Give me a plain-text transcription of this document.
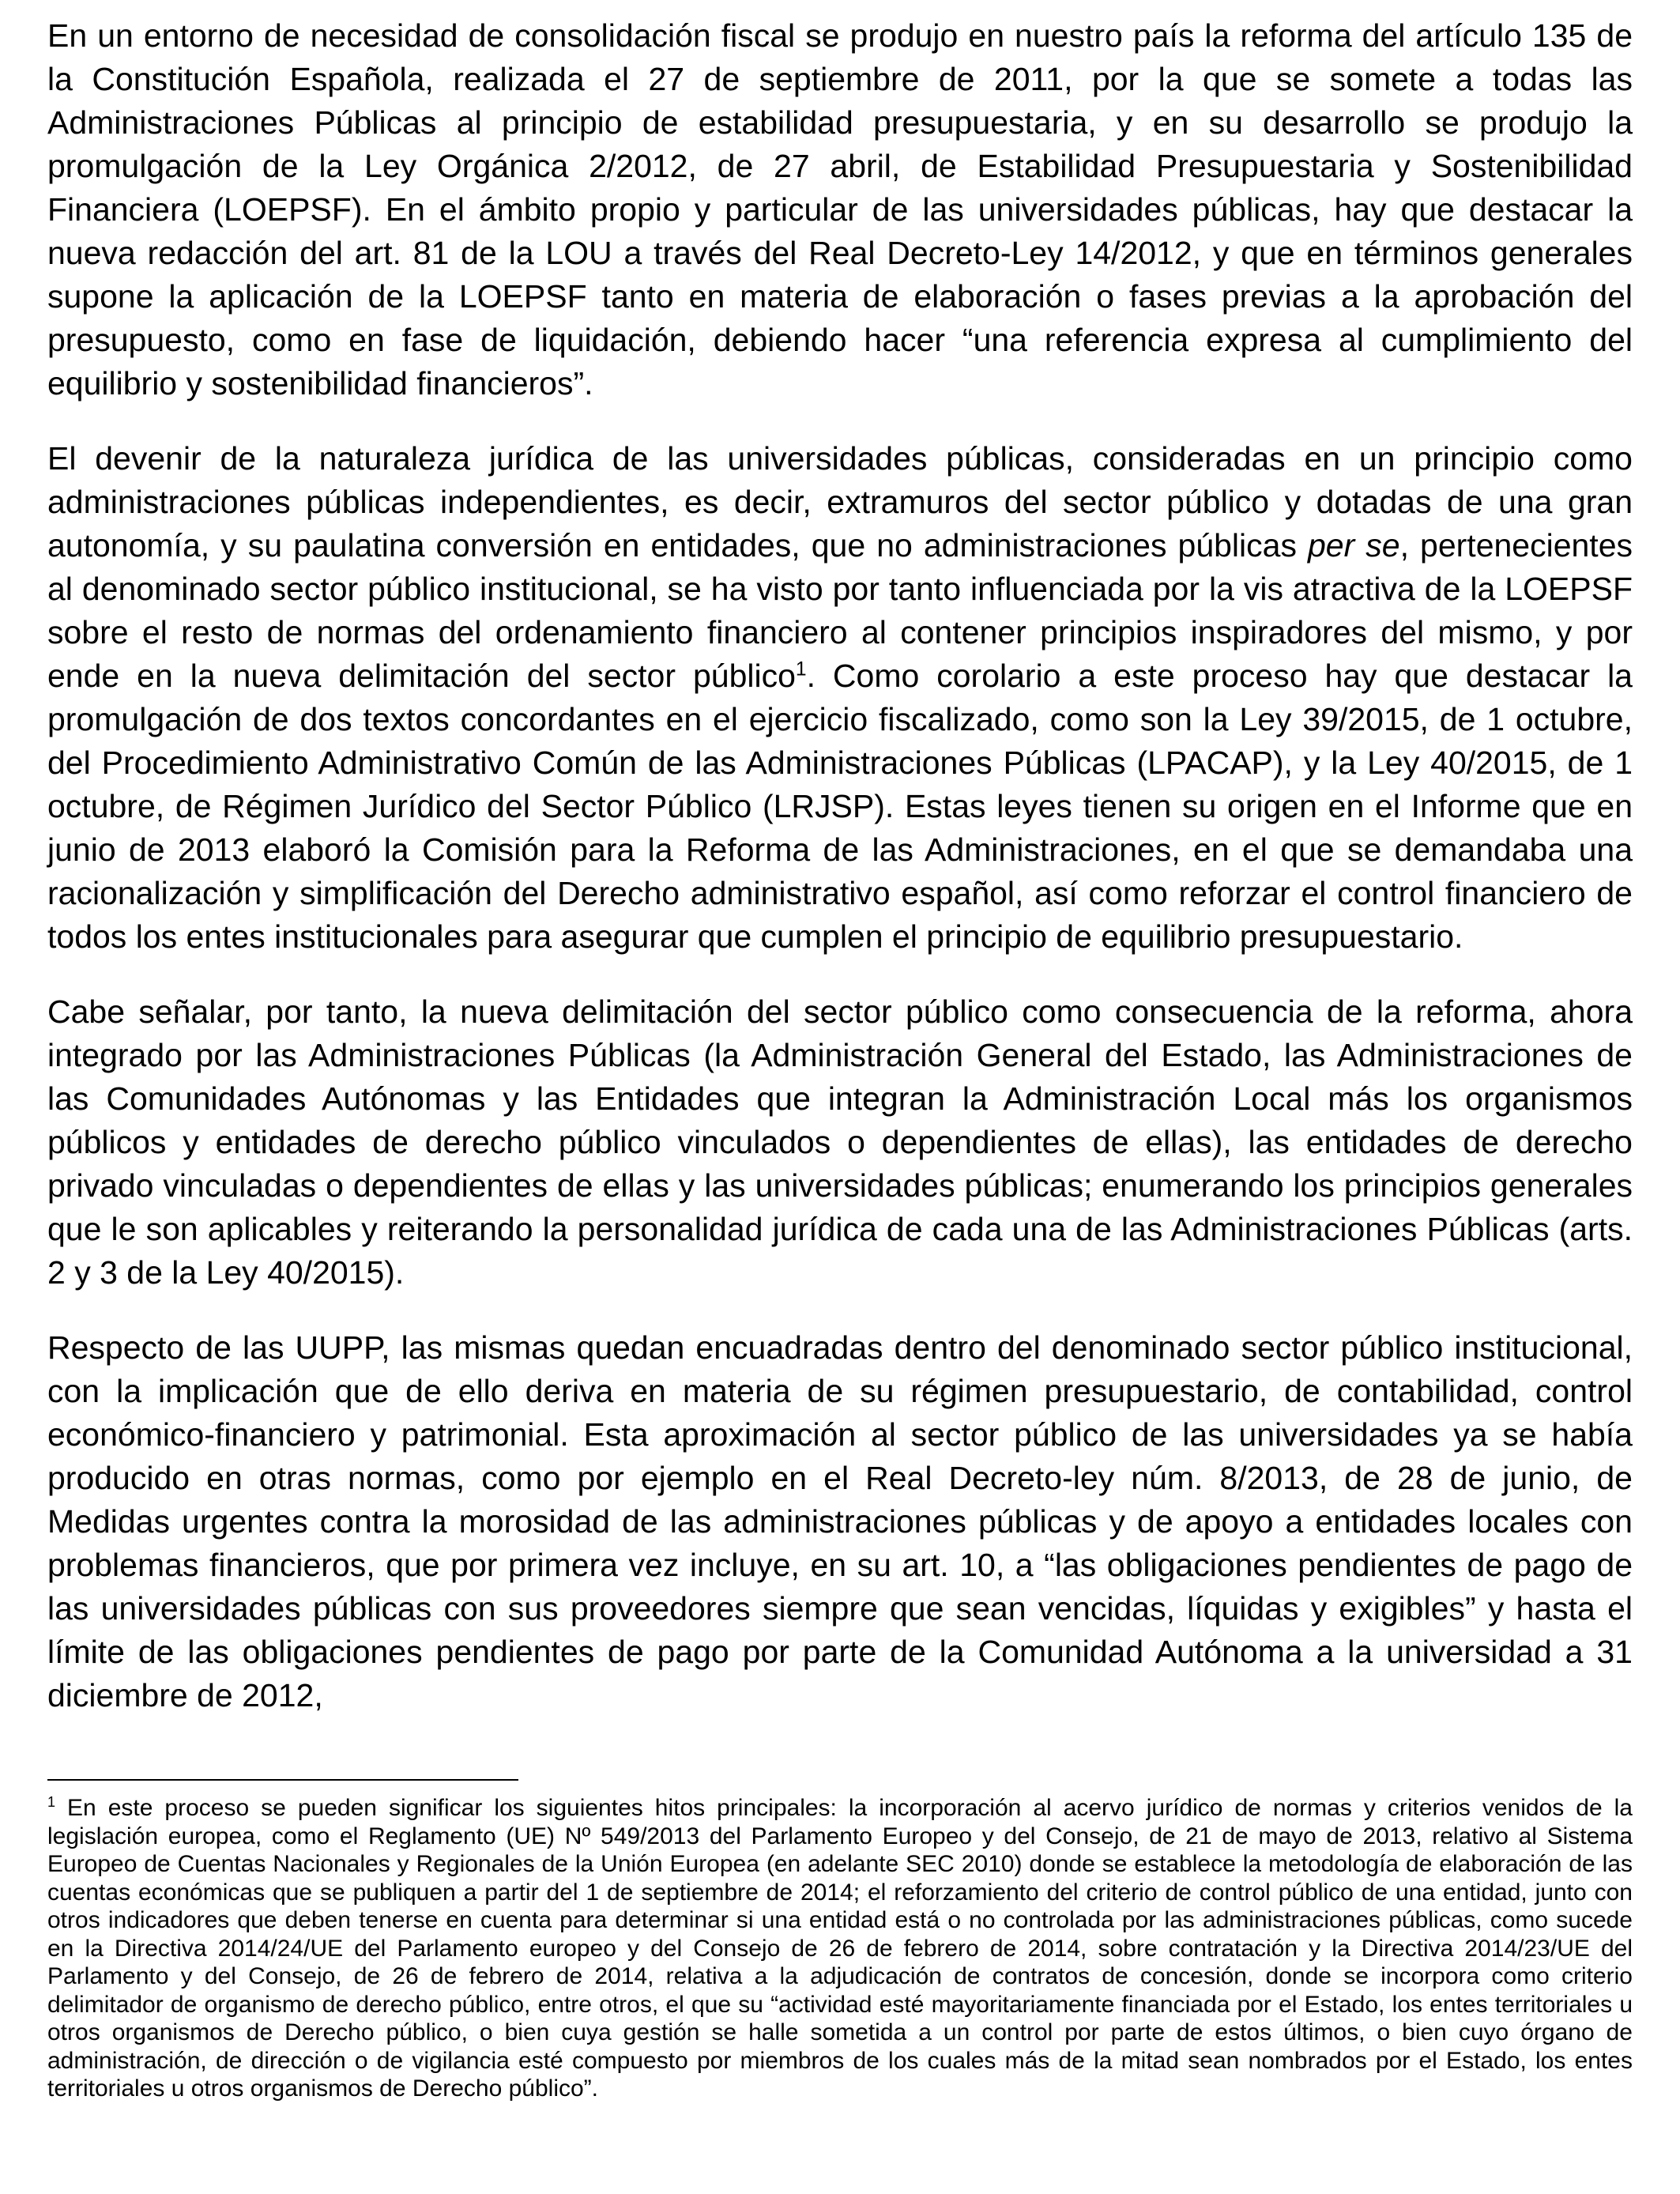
En un entorno de necesidad de consolidación fiscal se produjo en nuestro país la reforma del artículo 135 de la Constitución Española, realizada el 27 de septiembre de 2011, por la que se somete a todas las Administraciones Públicas al principio de estabilidad presupuestaria, y en su desarrollo se produjo la promulgación de la Ley Orgánica 2/2012, de 27 abril, de Estabilidad Presupuestaria y Sostenibilidad Financiera (LOEPSF). En el ámbito propio y particular de las universidades públicas, hay que destacar la nueva redacción del art. 81 de la LOU a través del Real Decreto-Ley 14/2012, y que en términos generales supone la aplicación de la LOEPSF tanto en materia de elaboración o fases previas a la aprobación del presupuesto, como en fase de liquidación, debiendo hacer “una referencia expresa al cumplimiento del equilibrio y sostenibilidad financieros”.

El devenir de la naturaleza jurídica de las universidades públicas, consideradas en un principio como administraciones públicas independientes, es decir, extramuros del sector público y dotadas de una gran autonomía, y su paulatina conversión en entidades, que no administraciones públicas per se, pertenecientes al denominado sector público institucional, se ha visto por tanto influenciada por la vis atractiva de la LOEPSF sobre el resto de normas del ordenamiento financiero al contener principios inspiradores del mismo, y por ende en la nueva delimitación del sector público$^1$. Como corolario a este proceso hay que destacar la promulgación de dos textos concordantes en el ejercicio fiscalizado, como son la Ley 39/2015, de 1 octubre, del Procedimiento Administrativo Común de las Administraciones Públicas (LPACAP), y la Ley 40/2015, de 1 octubre, de Régimen Jurídico del Sector Público (LRJSP). Estas leyes tienen su origen en el Informe que en junio de 2013 elaboró la Comisión para la Reforma de las Administraciones, en el que se demandaba una racionalización y simplificación del Derecho administrativo español, así como reforzar el control financiero de todos los entes institucionales para asegurar que cumplen el principio de equilibrio presupuestario.

Cabe señalar, por tanto, la nueva delimitación del sector público como consecuencia de la reforma, ahora integrado por las Administraciones Públicas (la Administración General del Estado, las Administraciones de las Comunidades Autónomas y las Entidades que integran la Administración Local más los organismos públicos y entidades de derecho público vinculados o dependientes de ellas), las entidades de derecho privado vinculadas o dependientes de ellas y las universidades públicas; enumerando los principios generales que le son aplicables y reiterando la personalidad jurídica de cada una de las Administraciones Públicas (arts. 2 y 3 de la Ley 40/2015).

Respecto de las UUPP, las mismas quedan encuadradas dentro del denominado sector público institucional, con la implicación que de ello deriva en materia de su régimen presupuestario, de contabilidad, control económico-financiero y patrimonial. Esta aproximación al sector público de las universidades ya se había producido en otras normas, como por ejemplo en el Real Decreto-ley núm. 8/2013, de 28 de junio, de Medidas urgentes contra la morosidad de las administraciones públicas y de apoyo a entidades locales con problemas financieros, que por primera vez incluye, en su art. 10, a “las obligaciones pendientes de pago de las universidades públicas con sus proveedores siempre que sean vencidas, líquidas y exigibles” y hasta el límite de las obligaciones pendientes de pago por parte de la Comunidad Autónoma a la universidad a 31 diciembre de 2012,

$^1$ En este proceso se pueden significar los siguientes hitos principales: la incorporación al acervo jurídico de normas y criterios venidos de la legislación europea, como el Reglamento (UE) Nº 549/2013 del Parlamento Europeo y del Consejo, de 21 de mayo de 2013, relativo al Sistema Europeo de Cuentas Nacionales y Regionales de la Unión Europea (en adelante SEC 2010) donde se establece la metodología de elaboración de las cuentas económicas que se publiquen a partir del 1 de septiembre de 2014; el reforzamiento del criterio de control público de una entidad, junto con otros indicadores que deben tenerse en cuenta para determinar si una entidad está o no controlada por las administraciones públicas, como sucede en la Directiva 2014/24/UE del Parlamento europeo y del Consejo de 26 de febrero de 2014, sobre contratación y la Directiva 2014/23/UE del Parlamento y del Consejo, de 26 de febrero de 2014, relativa a la adjudicación de contratos de concesión, donde se incorpora como criterio delimitador de organismo de derecho público, entre otros, el que su “actividad esté mayoritariamente financiada por el Estado, los entes territoriales u otros organismos de Derecho público, o bien cuya gestión se halle sometida a un control por parte de estos últimos, o bien cuyo órgano de administración, de dirección o de vigilancia esté compuesto por miembros de los cuales más de la mitad sean nombrados por el Estado, los entes territoriales u otros organismos de Derecho público”.
